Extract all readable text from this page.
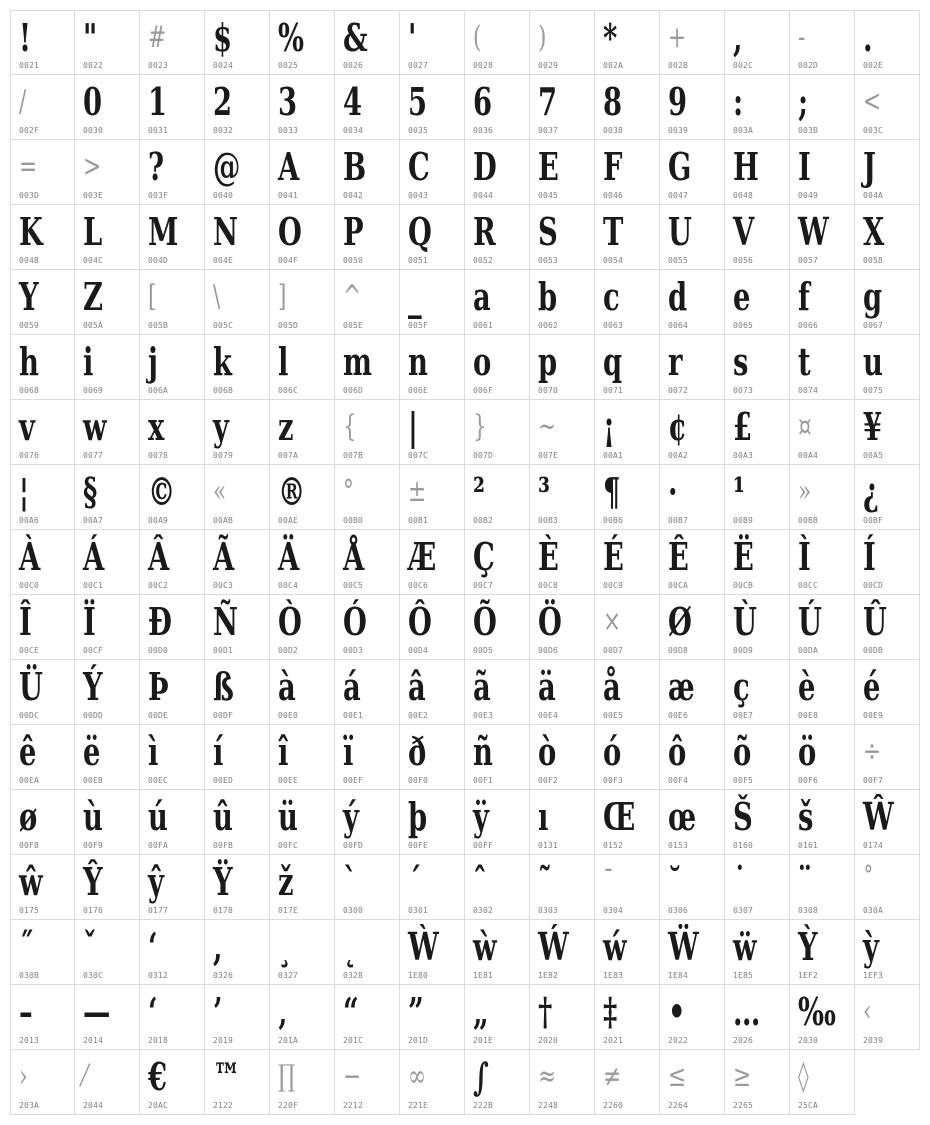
!
0021
"
0022
#
0023
$
0024
%
0025
&
0026
'
0027
(
0028
)
0029
*
002A
+
002B
,
002C
-
002D
.
002E
/
002F
0
0030
1
0031
2
0032
3
0033
4
0034
5
0035
6
0036
7
0037
8
0038
9
0039
:
003A
;
003B
<
003C
=
003D
>
003E
?
003F
@
0040
A
0041
B
0042
C
0043
D
0044
E
0045
F
0046
G
0047
H
0048
I
0049
J
004A
K
004B
L
004C
M
004D
N
004E
O
004F
P
0050
Q
0051
R
0052
S
0053
T
0054
U
0055
V
0056
W
0057
X
0058
Y
0059
Z
005A
[
005B
\
005C
]
005D
^
005E
_
005F
a
0061
b
0062
c
0063
d
0064
e
0065
f
0066
g
0067
h
0068
i
0069
j
006A
k
006B
l
006C
m
006D
n
006E
o
006F
p
0070
q
0071
r
0072
s
0073
t
0074
u
0075
v
0076
w
0077
x
0078
y
0079
z
007A
{
007B
|
007C
}
007D
~
007E
¡
00A1
¢
00A2
£
00A3
¤
00A4
¥
00A5
¦
00A6
§
00A7
©
00A9
«
00AB
®
00AE
°
00B0
±
00B1
²
00B2
³
00B3
¶
00B6
·
00B7
¹
00B9
»
00BB
¿
00BF
À
00C0
Á
00C1
Â
00C2
Ã
00C3
Ä
00C4
Å
00C5
Æ
00C6
Ç
00C7
È
00C8
É
00C9
Ê
00CA
Ë
00CB
Ì
00CC
Í
00CD
Î
00CE
Ï
00CF
Ð
00D0
Ñ
00D1
Ò
00D2
Ó
00D3
Ô
00D4
Õ
00D5
Ö
00D6
×
00D7
Ø
00D8
Ù
00D9
Ú
00DA
Û
00DB
Ü
00DC
Ý
00DD
Þ
00DE
ß
00DF
à
00E0
á
00E1
â
00E2
ã
00E3
ä
00E4
å
00E5
æ
00E6
ç
00E7
è
00E8
é
00E9
ê
00EA
ë
00EB
ì
00EC
í
00ED
î
00EE
ï
00EF
ð
00F0
ñ
00F1
ò
00F2
ó
00F3
ô
00F4
õ
00F5
ö
00F6
÷
00F7
ø
00F8
ù
00F9
ú
00FA
û
00FB
ü
00FC
ý
00FD
þ
00FE
ÿ
00FF
ı
0131
Œ
0152
œ
0153
Š
0160
š
0161
Ŵ
0174
ŵ
0175
Ŷ
0176
ŷ
0177
Ÿ
0178
ž
017E
`
0300
´
0301
ˆ
0302
˜
0303
¯
0304
˘
0306
˙
0307
¨
0308
˚
030A
˝
030B
ˇ
030C
ʻ
0312
,
0326
¸
0327
˛
0328
Ẁ
1E80
ẁ
1E81
Ẃ
1E82
ẃ
1E83
Ẅ
1E84
ẅ
1E85
Ỳ
1EF2
ỳ
1EF3
–
2013
—
2014
‘
2018
’
2019
‚
201A
“
201C
”
201D
„
201E
†
2020
‡
2021
•
2022
…
2026
‰
2030
‹
2039
›
203A
⁄
2044
€
20AC
™
2122
∏
220F
−
2212
∞
221E
∫
222B
≈
2248
≠
2260
≤
2264
≥
2265
◊
25CA
